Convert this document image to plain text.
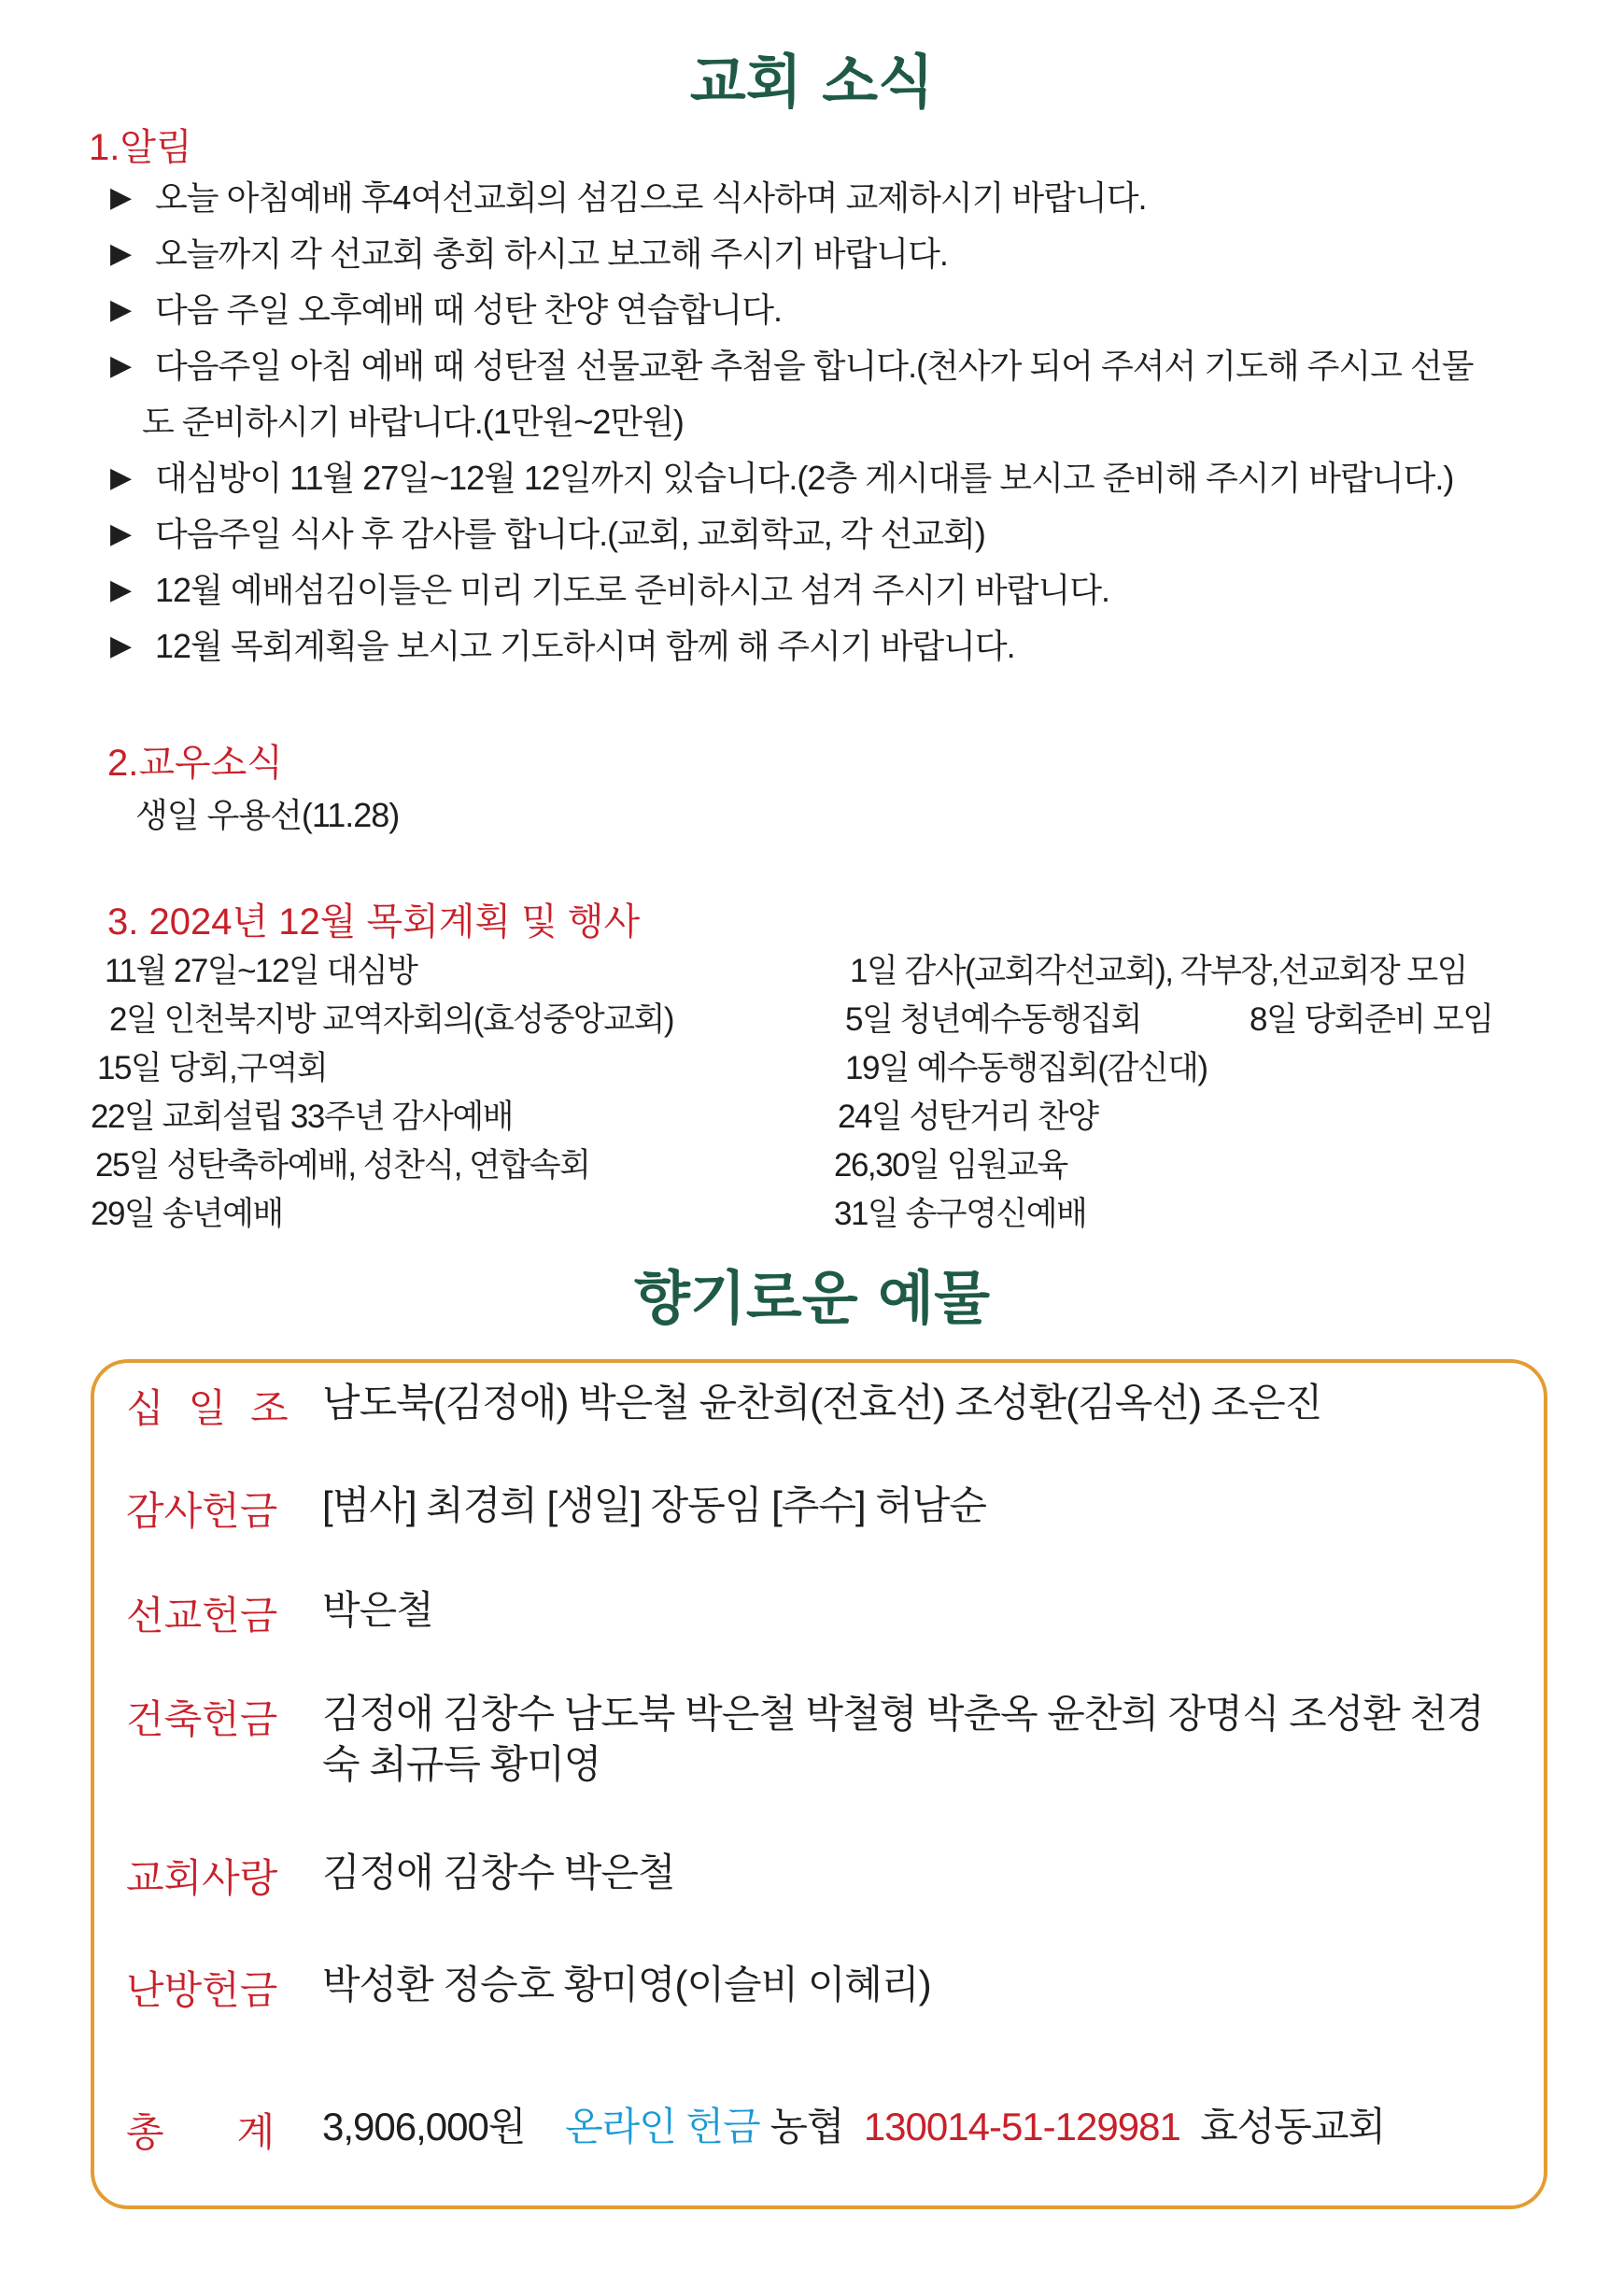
교회 소식
1.알림
▶ 오늘 아침예배 후4여선교회의 섬김으로 식사하며 교제하시기 바랍니다.
▶ 오늘까지 각 선교회 총회 하시고 보고해 주시기 바랍니다.
▶ 다음 주일 오후예배 때 성탄 찬양 연습합니다.
▶ 다음주일 아침 예배 때 성탄절 선물교환 추첨을 합니다.(천사가 되어 주셔서 기도해 주시고 선물
도 준비하시기 바랍니다.(1만원~2만원)
▶ 대심방이 11월 27일~12월 12일까지 있습니다.(2층 게시대를 보시고 준비해 주시기 바랍니다.)
▶ 다음주일 식사 후 감사를 합니다.(교회, 교회학교, 각 선교회)
▶ 12월 예배섬김이들은 미리 기도로 준비하시고 섬겨 주시기 바랍니다.
▶ 12월 목회계획을 보시고 기도하시며 함께 해 주시기 바랍니다.
2.교우소식
생일 우용선(11.28)
3. 2024년 12월 목회계획 및 행사
11월 27일~12일 대심방
2일 인천북지방 교역자회의(효성중앙교회)
15일 당회,구역회
22일 교회설립 33주년 감사예배
25일 성탄축하예배, 성찬식, 연합속회
29일 송년예배
1일 감사(교회각선교회), 각부장,선교회장 모임
5일 청년예수동행집회	8일 당회준비 모임
19일 예수동행집회(감신대)
24일 성탄거리 찬양
26,30일 임원교육
31일 송구영신예배
향기로운 예물
십일조 남도북(김정애) 박은철 윤찬희(전효선) 조성환(김옥선) 조은진
감사헌금 [범사] 최경희 [생일] 장동임 [추수] 허남순
선교헌금 박은철
건축헌금 김정애 김창수 남도북 박은철 박철형 박춘옥 윤찬희 장명식 조성환 천경숙 최규득 황미영
교회사랑 김정애 김창수 박은철
난방헌금 박성환 정승호 황미영(이슬비 이혜리)
총계
3,906,000원 온라인 헌금 농협 130014-51-129981 효성동교회
